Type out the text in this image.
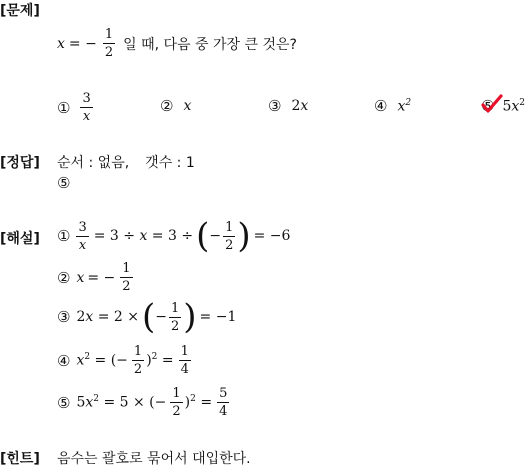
[문제]
x = − $\frac{1}{2}$ 일 때, 다음 중 가장 큰 것은?
① $\frac{3}{x}$	② x	③ 2x	④ $x^2$	⑤ $5x^2$
[정답] 순서 : 없음, 갯수 : 1
⑤
[해설] ① $\frac{3}{x} = 3 \div x = 3$ ÷ ( − $\frac{1}{2}$ ) = −6
② x = − $\frac{1}{2}$
③ 2x = 2 × ( − $\frac{1}{2}$ ) = −1
④ $x^2$ = (− $\frac{1}{2} )^2 = \frac{1}{4}$
⑤ $5x^2 = 5$ × (− $\frac{1}{2} )^2 = \frac{5}{4}$
[힌트] 음수는 괄호로 묶어서 대입한다.
